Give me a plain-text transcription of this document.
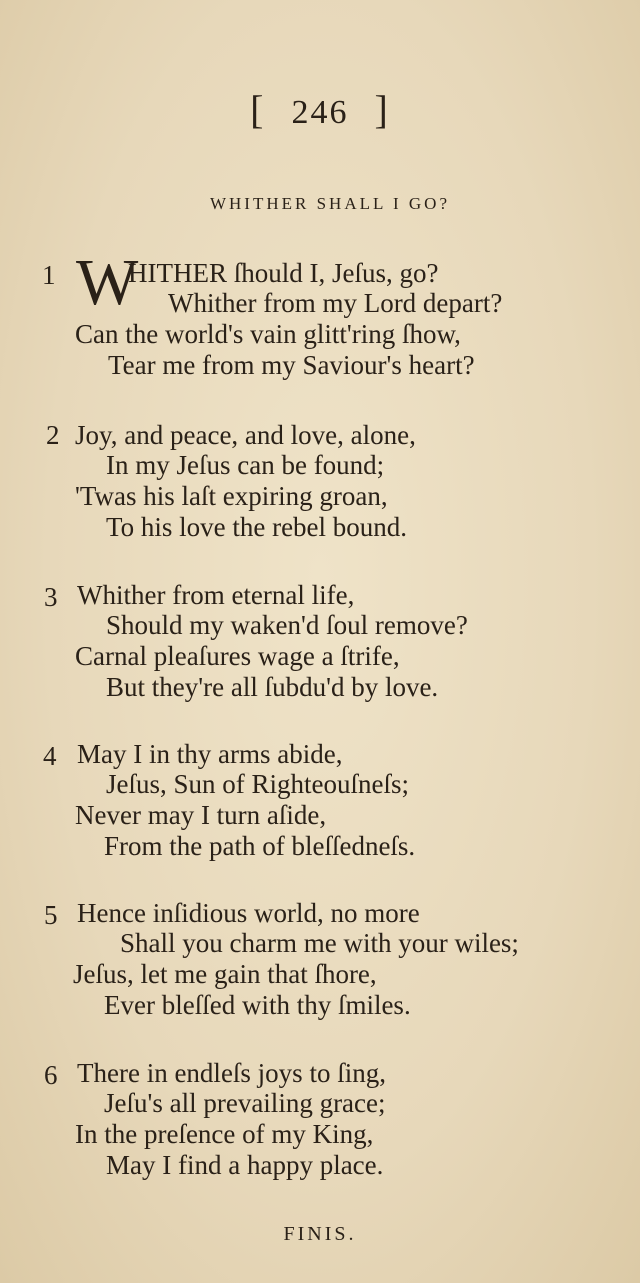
[ 246 ]
WHITHER SHALL I GO?
1 W
HITHER ſhould I, Jeſus, go?
Whither from my Lord depart?
Can the world's vain glitt'ring ſhow,
Tear me from my Saviour's heart?
2 Joy, and peace, and love, alone,
In my Jeſus can be found;
'Twas his laſt expiring groan,
To his love the rebel bound.
3 Whither from eternal life,
Should my waken'd ſoul remove?
Carnal pleaſures wage a ſtrife,
But they're all ſubdu'd by love.
4 May I in thy arms abide,
Jeſus, Sun of Righteouſneſs;
Never may I turn aſide,
From the path of bleſſedneſs.
5 Hence inſidious world, no more
Shall you charm me with your wiles;
Jeſus, let me gain that ſhore,
Ever bleſſed with thy ſmiles.
6 There in endleſs joys to ſing,
Jeſu's all prevailing grace;
In the preſence of my King,
May I find a happy place.
FINIS.
